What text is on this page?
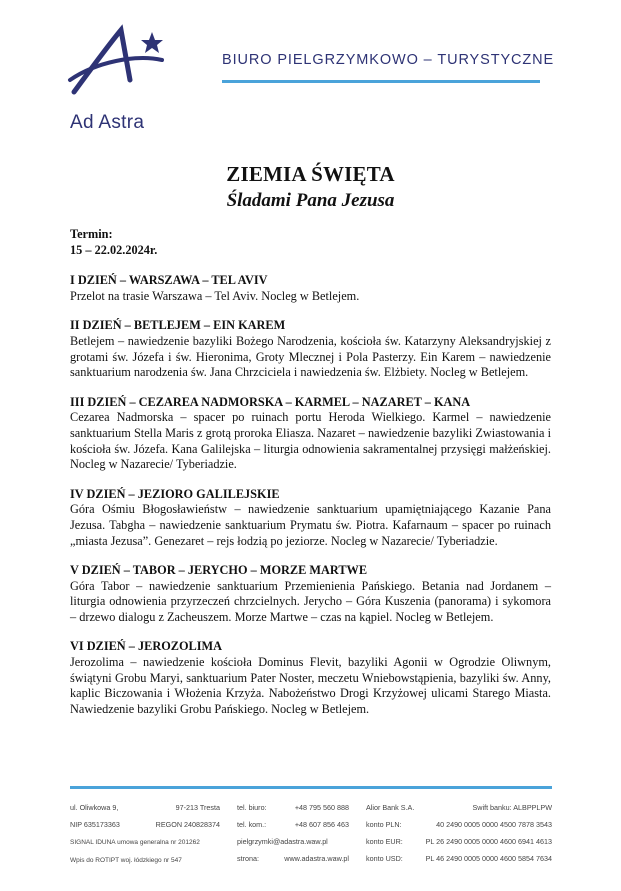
Ad Astra
BIURO PIELGRZYMKOWO – TURYSTYCZNE
ZIEMIA ŚWIĘTA
Śladami Pana Jezusa
Termin:
15 – 22.02.2024r.
I DZIEŃ – WARSZAWA – TEL AVIV
Przelot na trasie Warszawa – Tel Aviv. Nocleg w Betlejem.
II DZIEŃ – BETLEJEM – EIN KAREM
Betlejem – nawiedzenie bazyliki Bożego Narodzenia, kościoła św. Katarzyny Aleksandryjskiej z grotami św. Józefa i św. Hieronima, Groty Mlecznej i Pola Pasterzy. Ein Karem – nawiedzenie sanktuarium narodzenia św. Jana Chrzciciela i nawiedzenia św. Elżbiety. Nocleg w Betlejem.
III DZIEŃ – CEZAREA NADMORSKA – KARMEL – NAZARET – KANA
Cezarea Nadmorska – spacer po ruinach portu Heroda Wielkiego. Karmel – nawiedzenie sanktuarium Stella Maris z grotą proroka Eliasza. Nazaret – nawiedzenie bazyliki Zwiastowania i kościoła św. Józefa. Kana Galilejska – liturgia odnowienia sakramentalnej przysięgi małżeńskiej. Nocleg w Nazarecie/ Tyberiadzie.
IV DZIEŃ – JEZIORO GALILEJSKIE
Góra Ośmiu Błogosławieństw – nawiedzenie sanktuarium upamiętniającego Kazanie Pana Jezusa. Tabgha – nawiedzenie sanktuarium Prymatu św. Piotra. Kafarnaum – spacer po ruinach „miasta Jezusa”. Genezaret – rejs łodzią po jeziorze. Nocleg w Nazarecie/ Tyberiadzie.
V DZIEŃ – TABOR – JERYCHO – MORZE MARTWE
Góra Tabor – nawiedzenie sanktuarium Przemienienia Pańskiego. Betania nad Jordanem – liturgia odnowienia przyrzeczeń chrzcielnych. Jerycho – Góra Kuszenia (panorama) i sykomora – drzewo dialogu z Zacheuszem. Morze Martwe – czas na kąpiel. Nocleg w Betlejem.
VI DZIEŃ – JEROZOLIMA
Jerozolima – nawiedzenie kościoła Dominus Flevit, bazyliki Agonii w Ogrodzie Oliwnym, świątyni Grobu Maryi, sanktuarium Pater Noster, meczetu Wniebowstąpienia, bazyliki św. Anny, kaplic Biczowania i Włożenia Krzyża. Nabożeństwo Drogi Krzyżowej ulicami Starego Miasta. Nawiedzenie bazyliki Grobu Pańskiego. Nocleg w Betlejem.
ul. Oliwkowa 9,	97-213 Tresta
NIP 635173363	REGON 240828374
SIGNAL IDUNA umowa generalna nr 201262
Wpis do ROTIPT woj. łódzkiego nr 547
tel. biuro:	+48 795 560 888
tel. kom.:	+48 607 856 463
pielgrzymki@adastra.waw.pl
strona:	www.adastra.waw.pl
Alior Bank S.A.	Swift banku: ALBPPLPW
konto PLN:	40 2490 0005 0000 4500 7878 3543
konto EUR:	PL 26 2490 0005 0000 4600 6941 4613
konto USD:	PL 46 2490 0005 0000 4600 5854 7634
